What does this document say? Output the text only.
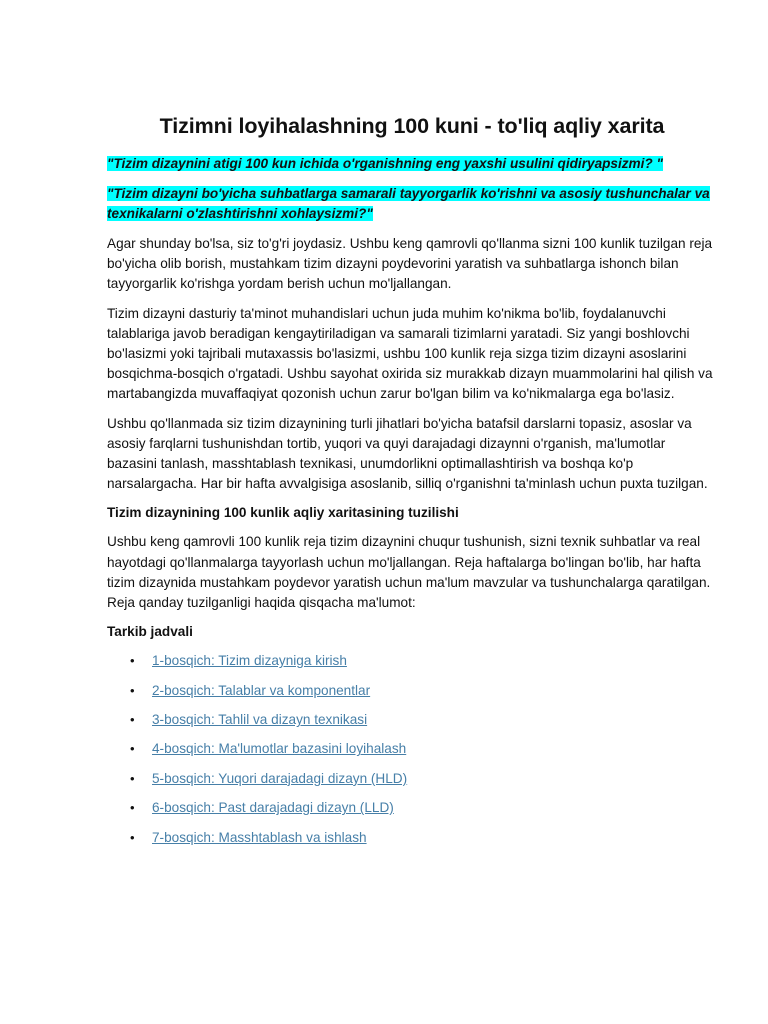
Tizimni loyihalashning 100 kuni - to'liq aqliy xarita

"Tizim dizaynini atigi 100 kun ichida o'rganishning eng yaxshi usulini qidiryapsizmi? "

"Tizim dizayni bo'yicha suhbatlarga samarali tayyorgarlik ko'rishni va asosiy tushunchalar va texnikalarni o'zlashtirishni xohlaysizmi?"

Agar shunday bo'lsa, siz to'g'ri joydasiz. Ushbu keng qamrovli qo'llanma sizni 100 kunlik tuzilgan reja bo'yicha olib borish, mustahkam tizim dizayni poydevorini yaratish va suhbatlarga ishonch bilan tayyorgarlik ko'rishga yordam berish uchun mo'ljallangan.

Tizim dizayni dasturiy ta'minot muhandislari uchun juda muhim ko'nikma bo'lib, foydalanuvchi talablariga javob beradigan kengaytiriladigan va samarali tizimlarni yaratadi. Siz yangi boshlovchi bo'lasizmi yoki tajribali mutaxassis bo'lasizmi, ushbu 100 kunlik reja sizga tizim dizayni asoslarini bosqichma-bosqich o'rgatadi. Ushbu sayohat oxirida siz murakkab dizayn muammolarini hal qilish va martabangizda muvaffaqiyat qozonish uchun zarur bo'lgan bilim va ko'nikmalarga ega bo'lasiz.

Ushbu qo'llanmada siz tizim dizaynining turli jihatlari bo'yicha batafsil darslarni topasiz, asoslar va asosiy farqlarni tushunishdan tortib, yuqori va quyi darajadagi dizaynni o'rganish, ma'lumotlar bazasini tanlash, masshtablash texnikasi, unumdorlikni optimallashtirish va boshqa ko'p narsalargacha. Har bir hafta avvalgisiga asoslanib, silliq o'rganishni ta'minlash uchun puxta tuzilgan.

Tizim dizaynining 100 kunlik aqliy xaritasining tuzilishi

Ushbu keng qamrovli 100 kunlik reja tizim dizaynini chuqur tushunish, sizni texnik suhbatlar va real hayotdagi qo'llanmalarga tayyorlash uchun mo'ljallangan. Reja haftalarga bo'lingan bo'lib, har hafta tizim dizaynida mustahkam poydevor yaratish uchun ma'lum mavzular va tushunchalarga qaratilgan. Reja qanday tuzilganligi haqida qisqacha ma'lumot:

Tarkib jadvali

• 1-bosqich: Tizim dizayniga kirish
• 2-bosqich: Talablar va komponentlar
• 3-bosqich: Tahlil va dizayn texnikasi
• 4-bosqich: Ma'lumotlar bazasini loyihalash
• 5-bosqich: Yuqori darajadagi dizayn (HLD)
• 6-bosqich: Past darajadagi dizayn (LLD)
• 7-bosqich: Masshtablash va ishlash
